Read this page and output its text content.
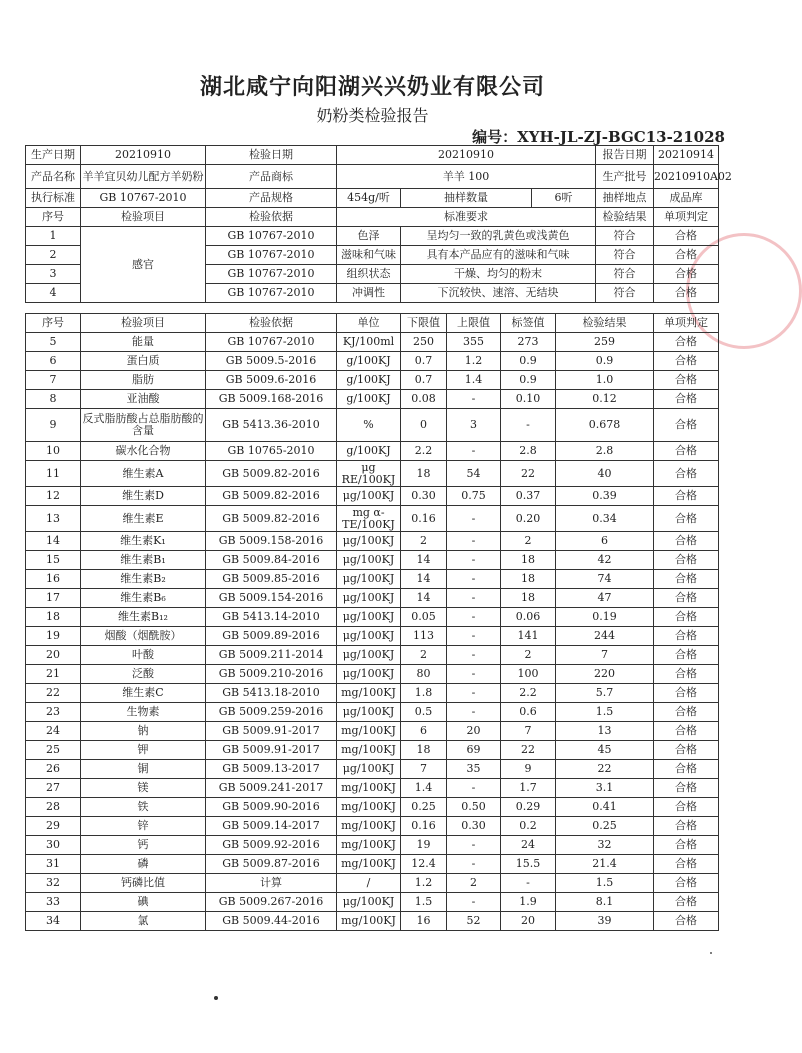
湖北咸宁向阳湖兴兴奶业有限公司
奶粉类检验报告
编号：XYH-JL-ZJ-BGC13-21028
生产日期	20210910	检验日期	20210910			报告日期	20210914
产品名称	羊羊宜贝幼儿配方羊奶粉	产品商标	羊羊 100			生产批号	20210910A02
执行标准	GB 10767-2010	产品规格	454g/听	抽样数量	6听	抽样地点	成品库
序号	检验项目	检验依据	标准要求			检验结果	单项判定
1	感官	GB 10767-2010	色泽	呈均匀一致的乳黄色或浅黄色		符合	合格
2		GB 10767-2010	滋味和气味	具有本产品应有的滋味和气味		符合	合格
3		GB 10767-2010	组织状态	干燥、均匀的粉末		符合	合格
4		GB 10767-2010	冲调性	下沉较快、速溶、无结块		符合	合格
序号	检验项目	检验依据	单位	下限值	上限值	标签值	检验结果	单项判定
5	能量	GB 10767-2010	KJ/100ml	250	355	273	259	合格
6	蛋白质	GB 5009.5-2016	g/100KJ	0.7	1.2	0.9	0.9	合格
7	脂肪	GB 5009.6-2016	g/100KJ	0.7	1.4	0.9	1.0	合格
8	亚油酸	GB 5009.168-2016	g/100KJ	0.08	-	0.10	0.12	合格
9	反式脂肪酸占总脂肪酸的含量	GB 5413.36-2010	%	0	3	-	0.678	合格
10	碳水化合物	GB 10765-2010	g/100KJ	2.2	-	2.8	2.8	合格
11	维生素A	GB 5009.82-2016	μg RE/100KJ	18	54	22	40	合格
12	维生素D	GB 5009.82-2016	μg/100KJ	0.30	0.75	0.37	0.39	合格
13	维生素E	GB 5009.82-2016	mg α-TE/100KJ	0.16	-	0.20	0.34	合格
14	维生素K₁	GB 5009.158-2016	μg/100KJ	2	-	2	6	合格
15	维生素B₁	GB 5009.84-2016	μg/100KJ	14	-	18	42	合格
16	维生素B₂	GB 5009.85-2016	μg/100KJ	14	-	18	74	合格
17	维生素B₆	GB 5009.154-2016	μg/100KJ	14	-	18	47	合格
18	维生素B₁₂	GB 5413.14-2010	μg/100KJ	0.05	-	0.06	0.19	合格
19	烟酸（烟酰胺）	GB 5009.89-2016	μg/100KJ	113	-	141	244	合格
20	叶酸	GB 5009.211-2014	μg/100KJ	2	-	2	7	合格
21	泛酸	GB 5009.210-2016	μg/100KJ	80	-	100	220	合格
22	维生素C	GB 5413.18-2010	mg/100KJ	1.8	-	2.2	5.7	合格
23	生物素	GB 5009.259-2016	μg/100KJ	0.5	-	0.6	1.5	合格
24	钠	GB 5009.91-2017	mg/100KJ	6	20	7	13	合格
25	钾	GB 5009.91-2017	mg/100KJ	18	69	22	45	合格
26	铜	GB 5009.13-2017	μg/100KJ	7	35	9	22	合格
27	镁	GB 5009.241-2017	mg/100KJ	1.4	-	1.7	3.1	合格
28	铁	GB 5009.90-2016	mg/100KJ	0.25	0.50	0.29	0.41	合格
29	锌	GB 5009.14-2017	mg/100KJ	0.16	0.30	0.2	0.25	合格
30	钙	GB 5009.92-2016	mg/100KJ	19	-	24	32	合格
31	磷	GB 5009.87-2016	mg/100KJ	12.4	-	15.5	21.4	合格
32	钙磷比值	计算	/	1.2	2	-	1.5	合格
33	碘	GB 5009.267-2016	μg/100KJ	1.5	-	1.9	8.1	合格
34	氯	GB 5009.44-2016	mg/100KJ	16	52	20	39	合格
